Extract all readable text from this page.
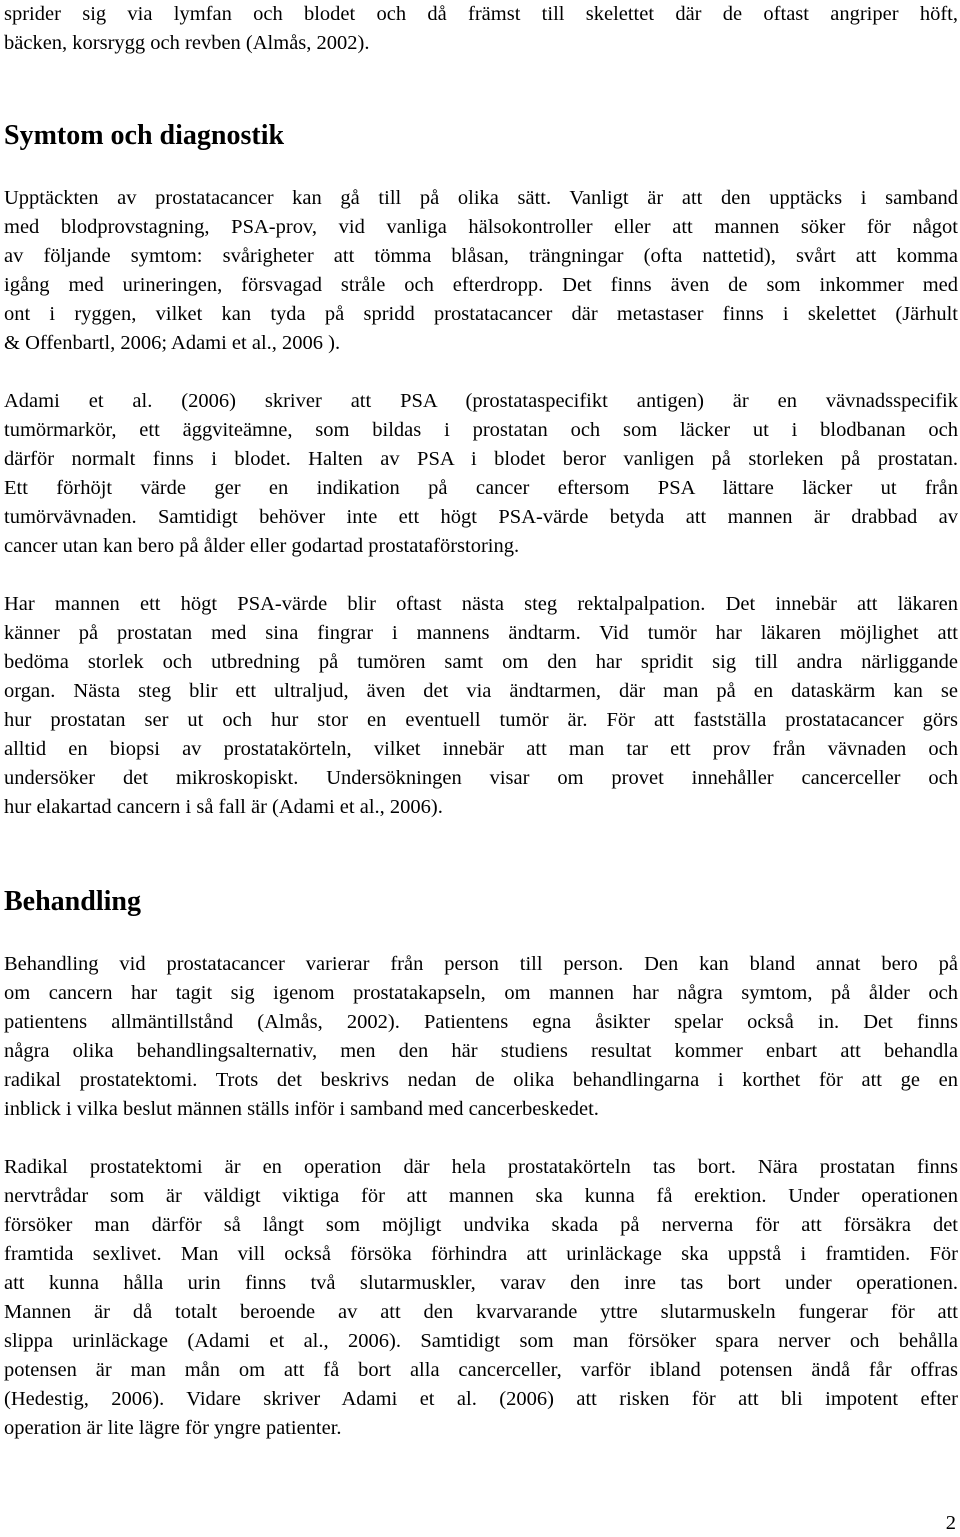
sprider sig via lymfan och blodet och då främst till skelettet där de oftast angriper höft,
bäcken, korsrygg och revben (Almås, 2002).
Symtom och diagnostik
Upptäckten av prostatacancer kan gå till på olika sätt. Vanligt är att den upptäcks i samband
med blodprovstagning, PSA-prov, vid vanliga hälsokontroller eller att mannen söker för något
av följande symtom: svårigheter att tömma blåsan, trängningar (ofta nattetid), svårt att komma
igång med urineringen, försvagad stråle och efterdropp. Det finns även de som inkommer med
ont i ryggen, vilket kan tyda på spridd prostatacancer där metastaser finns i skelettet (Järhult
& Offenbartl, 2006; Adami et al., 2006 ).
Adami et al. (2006) skriver att PSA (prostataspecifikt antigen) är en vävnadsspecifik
tumörmarkör, ett äggviteämne, som bildas i prostatan och som läcker ut i blodbanan och
därför normalt finns i blodet. Halten av PSA i blodet beror vanligen på storleken på prostatan.
Ett förhöjt värde ger en indikation på cancer eftersom PSA lättare läcker ut från
tumörvävnaden. Samtidigt behöver inte ett högt PSA-värde betyda att mannen är drabbad av
cancer utan kan bero på ålder eller godartad prostataförstoring.
Har mannen ett högt PSA-värde blir oftast nästa steg rektalpalpation. Det innebär att läkaren
känner på prostatan med sina fingrar i mannens ändtarm. Vid tumör har läkaren möjlighet att
bedöma storlek och utbredning på tumören samt om den har spridit sig till andra närliggande
organ. Nästa steg blir ett ultraljud, även det via ändtarmen, där man på en dataskärm kan se
hur prostatan ser ut och hur stor en eventuell tumör är. För att fastställa prostatacancer görs
alltid en biopsi av prostatakörteln, vilket innebär att man tar ett prov från vävnaden och
undersöker det mikroskopiskt. Undersökningen visar om provet innehåller cancerceller och
hur elakartad cancern i så fall är (Adami et al., 2006).
Behandling
Behandling vid prostatacancer varierar från person till person. Den kan bland annat bero på
om cancern har tagit sig igenom prostatakapseln, om mannen har några symtom, på ålder och
patientens allmäntillstånd (Almås, 2002). Patientens egna åsikter spelar också in. Det finns
några olika behandlingsalternativ, men den här studiens resultat kommer enbart att behandla
radikal prostatektomi. Trots det beskrivs nedan de olika behandlingarna i korthet för att ge en
inblick i vilka beslut männen ställs inför i samband med cancerbeskedet.
Radikal prostatektomi är en operation där hela prostatakörteln tas bort. Nära prostatan finns
nervtrådar som är väldigt viktiga för att mannen ska kunna få erektion. Under operationen
försöker man därför så långt som möjligt undvika skada på nerverna för att försäkra det
framtida sexlivet. Man vill också försöka förhindra att urinläckage ska uppstå i framtiden. För
att kunna hålla urin finns två slutarmuskler, varav den inre tas bort under operationen.
Mannen är då totalt beroende av att den kvarvarande yttre slutarmuskeln fungerar för att
slippa urinläckage (Adami et al., 2006). Samtidigt som man försöker spara nerver och behålla
potensen är man mån om att få bort alla cancerceller, varför ibland potensen ändå får offras
(Hedestig, 2006). Vidare skriver Adami et al. (2006) att risken för att bli impotent efter
operation är lite lägre för yngre patienter.
2
